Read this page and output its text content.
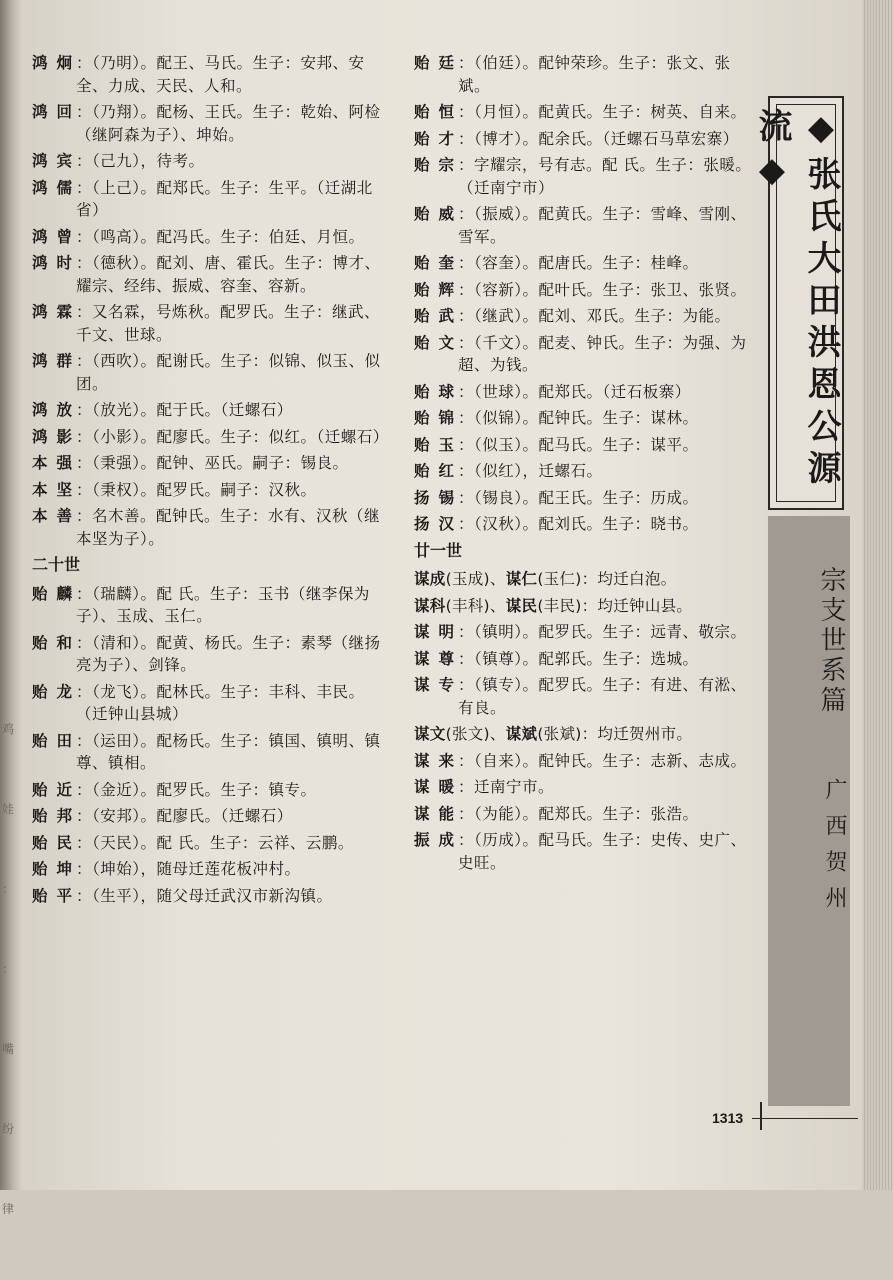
鸡
娃
：
：
嘴
纷
律
鸿 炯 ：（乃明）。配王、马氏。生子：安邦、安全、力成、天民、人和。
鸿 回 ：（乃翔）。配杨、王氏。生子：乾始、阿检（继阿森为子）、坤始。
鸿 宾 ：（己九），待考。
鸿 儒 ：（上己）。配郑氏。生子：生平。（迁湖北省）
鸿 曾 ：（鸣高）。配冯氏。生子：伯廷、月恒。
鸿 时 ：（德秋）。配刘、唐、霍氏。生子：博才、耀宗、经纬、振威、容奎、容新。
鸿 霖 ：又名霖，号炼秋。配罗氏。生子：继武、千文、世球。
鸿 群 ：（西吹）。配谢氏。生子：似锦、似玉、似团。
鸿 放 ：（放光）。配于氏。（迁螺石）
鸿 影 ：（小影）。配廖氏。生子：似红。（迁螺石）
本 强 ：（秉强）。配钟、巫氏。嗣子：锡良。
本 坚 ：（秉权）。配罗氏。嗣子：汉秋。
本 善 ：名木善。配钟氏。生子：水有、汉秋（继本坚为子）。
二十世
贻 麟 ：（瑞麟）。配 氏。生子：玉书（继李保为子）、玉成、玉仁。
贻 和 ：（清和）。配黄、杨氏。生子：素琴（继扬亮为子）、剑锋。
贻 龙 ：（龙飞）。配林氏。生子：丰科、丰民。（迁钟山县城）
贻 田 ：（运田）。配杨氏。生子：镇国、镇明、镇尊、镇相。
贻 近 ：（金近）。配罗氏。生子：镇专。
贻 邦 ：（安邦）。配廖氏。（迁螺石）
贻 民 ：（天民）。配 氏。生子：云祥、云鹏。
贻 坤 ：（坤始），随母迁莲花板冲村。
贻 平 ：（生平），随父母迁武汉市新沟镇。
贻 廷 ：（伯廷）。配钟荣珍。生子：张文、张斌。
贻 恒 ：（月恒）。配黄氏。生子：树英、自来。
贻 才 ：（博才）。配余氏。（迁螺石马草宏寨）
贻 宗 ：字耀宗，号有志。配 氏。生子：张暖。（迁南宁市）
贻 威 ：（振威）。配黄氏。生子：雪峰、雪刚、雪军。
贻 奎 ：（容奎）。配唐氏。生子：桂峰。
贻 辉 ：（容新）。配叶氏。生子：张卫、张贤。
贻 武 ：（继武）。配刘、邓氏。生子：为能。
贻 文 ：（千文）。配麦、钟氏。生子：为强、为超、为钱。
贻 球 ：（世球）。配郑氏。（迁石板寨）
贻 锦 ：（似锦）。配钟氏。生子：谋林。
贻 玉 ：（似玉）。配马氏。生子：谋平。
贻 红 ：（似红），迁螺石。
扬 锡 ：（锡良）。配王氏。生子：历成。
扬 汉 ：（汉秋）。配刘氏。生子：晓书。
廿一世
谋成(玉成)、谋仁(玉仁)：均迁白泡。
谋科(丰科)、谋民(丰民)：均迁钟山县。
谋 明 ：（镇明）。配罗氏。生子：远青、敬宗。
谋 尊 ：（镇尊）。配郭氏。生子：选城。
谋 专 ：（镇专）。配罗氏。生子：有进、有淞、有良。
谋文(张文)、谋斌(张斌)：均迁贺州市。
谋 来 ：（自来）。配钟氏。生子：志新、志成。
谋 暖 ：迁南宁市。
谋 能 ：（为能）。配郑氏。生子：张浩。
振 成 ：（历成）。配马氏。生子：史传、史广、史旺。
◆张氏大田洪恩公源流◆
宗支世系篇
广西贺州
1313
